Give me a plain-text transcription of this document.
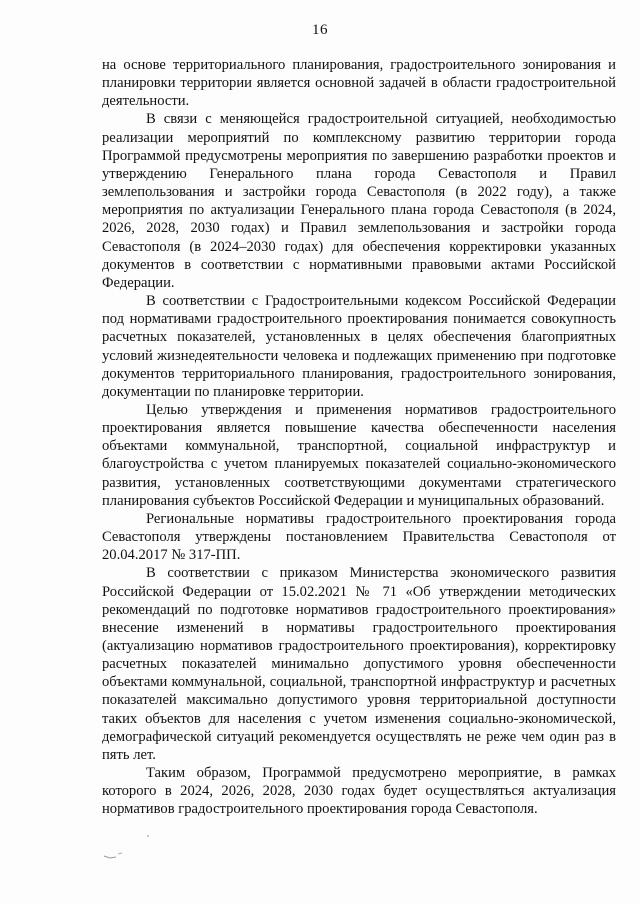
16

на основе территориального планирования, градостроительного зонирования и планировки территории является основной задачей в области градостроительной деятельности.

В связи с меняющейся градостроительной ситуацией, необходимостью реализации мероприятий по комплексному развитию территории города Программой предусмотрены мероприятия по завершению разработки проектов и утверждению Генерального плана города Севастополя и Правил землепользования и застройки города Севастополя (в 2022 году), а также мероприятия по актуализации Генерального плана города Севастополя (в 2024, 2026, 2028, 2030 годах) и Правил землепользования и застройки города Севастополя (в 2024–2030 годах) для обеспечения корректировки указанных документов в соответствии с нормативными правовыми актами Российской Федерации.

В соответствии с Градостроительными кодексом Российской Федерации под нормативами градостроительного проектирования понимается совокупность расчетных показателей, установленных в целях обеспечения благоприятных условий жизнедеятельности человека и подлежащих применению при подготовке документов территориального планирования, градостроительного зонирования, документации по планировке территории.

Целью утверждения и применения нормативов градостроительного проектирования является повышение качества обеспеченности населения объектами коммунальной, транспортной, социальной инфраструктур и благоустройства с учетом планируемых показателей социально-экономического развития, установленных соответствующими документами стратегического планирования субъектов Российской Федерации и муниципальных образований.

Региональные нормативы градостроительного проектирования города Севастополя утверждены постановлением Правительства Севастополя от 20.04.2017 № 317-ПП.

В соответствии с приказом Министерства экономического развития Российской Федерации от 15.02.2021 № 71 «Об утверждении методических рекомендаций по подготовке нормативов градостроительного проектирования» внесение изменений в нормативы градостроительного проектирования (актуализацию нормативов градостроительного проектирования), корректировку расчетных показателей минимально допустимого уровня обеспеченности объектами коммунальной, социальной, транспортной инфраструктур и расчетных показателей максимально допустимого уровня территориальной доступности таких объектов для населения с учетом изменения социально-экономической, демографической ситуаций рекомендуется осуществлять не реже чем один раз в пять лет.

Таким образом, Программой предусмотрено мероприятие, в рамках которого в 2024, 2026, 2028, 2030 годах будет осуществляться актуализация нормативов градостроительного проектирования города Севастополя.
